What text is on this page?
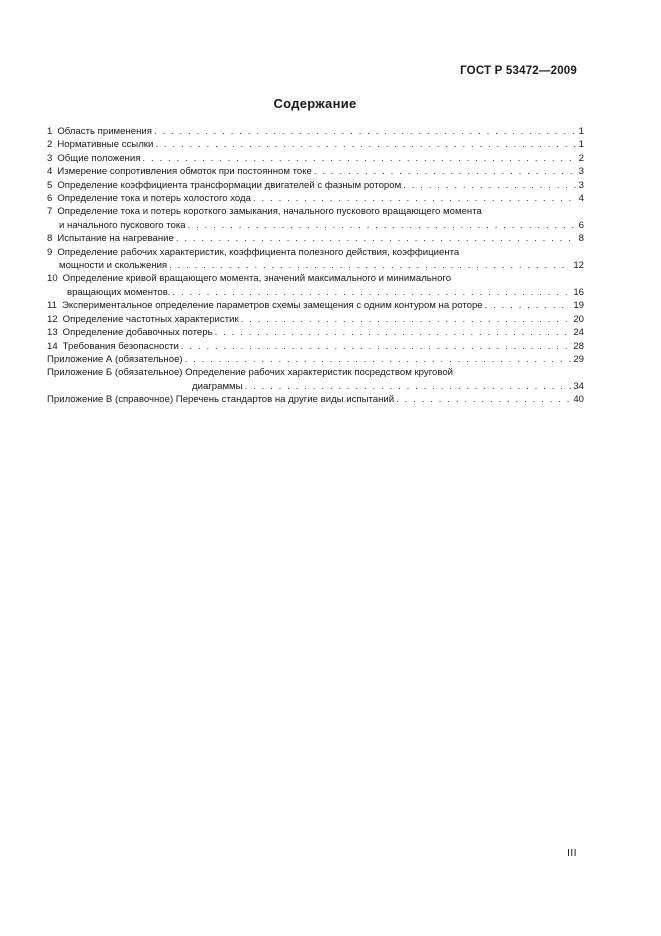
ГОСТ Р 53472—2009
Содержание
1 Область применения . . .	1
2 Нормативные ссылки . . .	1
3 Общие положения . . .	2
4 Измерение сопротивления обмоток при постоянном токе . . .	3
5 Определение коэффициента трансформации двигателей с фазным ротором . . .	3
6 Определение тока и потерь холостого хода . . .	4
7 Определение тока и потерь короткого замыкания, начального пускового вращающего момента
и начального пускового тока . . .	6
8 Испытание на нагревание . . .	8
9 Определение рабочих характеристик, коэффициента полезного действия, коэффициента
мощности и скольжения . . .	12
10 Определение кривой вращающего момента, значений максимального и минимального
вращающих моментов. . . .	16
11 Экспериментальное определение параметров схемы замещения с одним контуром на роторе . . .	19
12 Определение частотных характеристик . . .	20
13 Определение добавочных потерь . . .	24
14 Требования безопасности . . .	28
Приложение А (обязательное) . . .	29
Приложение Б (обязательное) Определение рабочих характеристик посредством круговой
диаграммы . . .	34
Приложение В (справочное) Перечень стандартов на другие виды испытаний . . .	40
III
